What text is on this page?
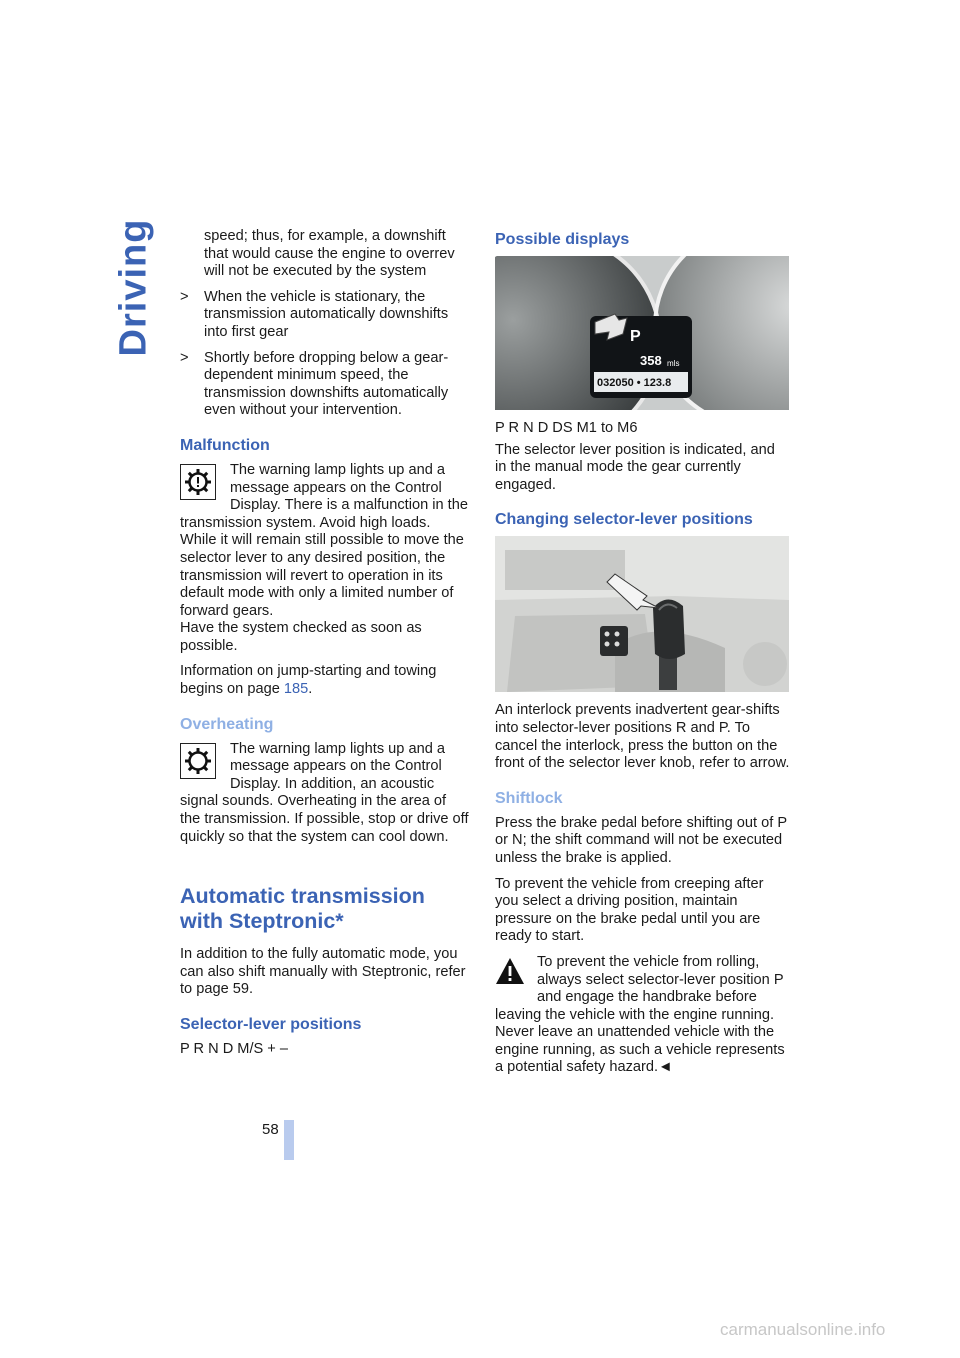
Driving	speed; thus, for example, a downshift that would cause the engine to overrev will not be executed by the system

>	When the vehicle is stationary, the transmission automatically downshifts into first gear
>	Shortly before dropping below a gear-dependent minimum speed, the transmission downshifts automatically even without your intervention.
Malfunction

The warning lamp lights up and a message appears on the Control Display. There is a malfunction in the transmission system. Avoid high loads. While it will remain still possible to move the selector lever to any desired position, the transmission will revert to operation in its default mode with only a limited number of forward gears.

Have the system checked as soon as possible.

Information on jump-starting and towing begins on page 185.

Overheating

The warning lamp lights up and a message appears on the Control Display. In addition, an acoustic signal sounds. Overheating in the area of the transmission. If possible, stop or drive off quickly so that the system can cool down.

Automatic transmission
with Steptronic*

In addition to the fully automatic mode, you can also shift manually with Steptronic, refer to page 59.

Selector-lever positions

P R N D M/S + –

Possible displays
P
358 mls
032050 • 123.8

P R N D DS M1 to M6

The selector lever position is indicated, and in the manual mode the gear currently engaged.

Changing selector-lever positions

An interlock prevents inadvertent gear-shifts into selector-lever positions R and P. To cancel the interlock, press the button on the front of the selector lever knob, refer to arrow.

Shiftlock

Press the brake pedal before shifting out of P or N; the shift command will not be executed unless the brake is applied.

To prevent the vehicle from creeping after you select a driving position, maintain pressure on the brake pedal until you are ready to start.

To prevent the vehicle from rolling, always select selector-lever position P and engage the handbrake before leaving the vehicle with the engine running. Never leave an unattended vehicle with the engine running, as such a vehicle represents a potential safety hazard.◄

58
carmanualsonline.info
